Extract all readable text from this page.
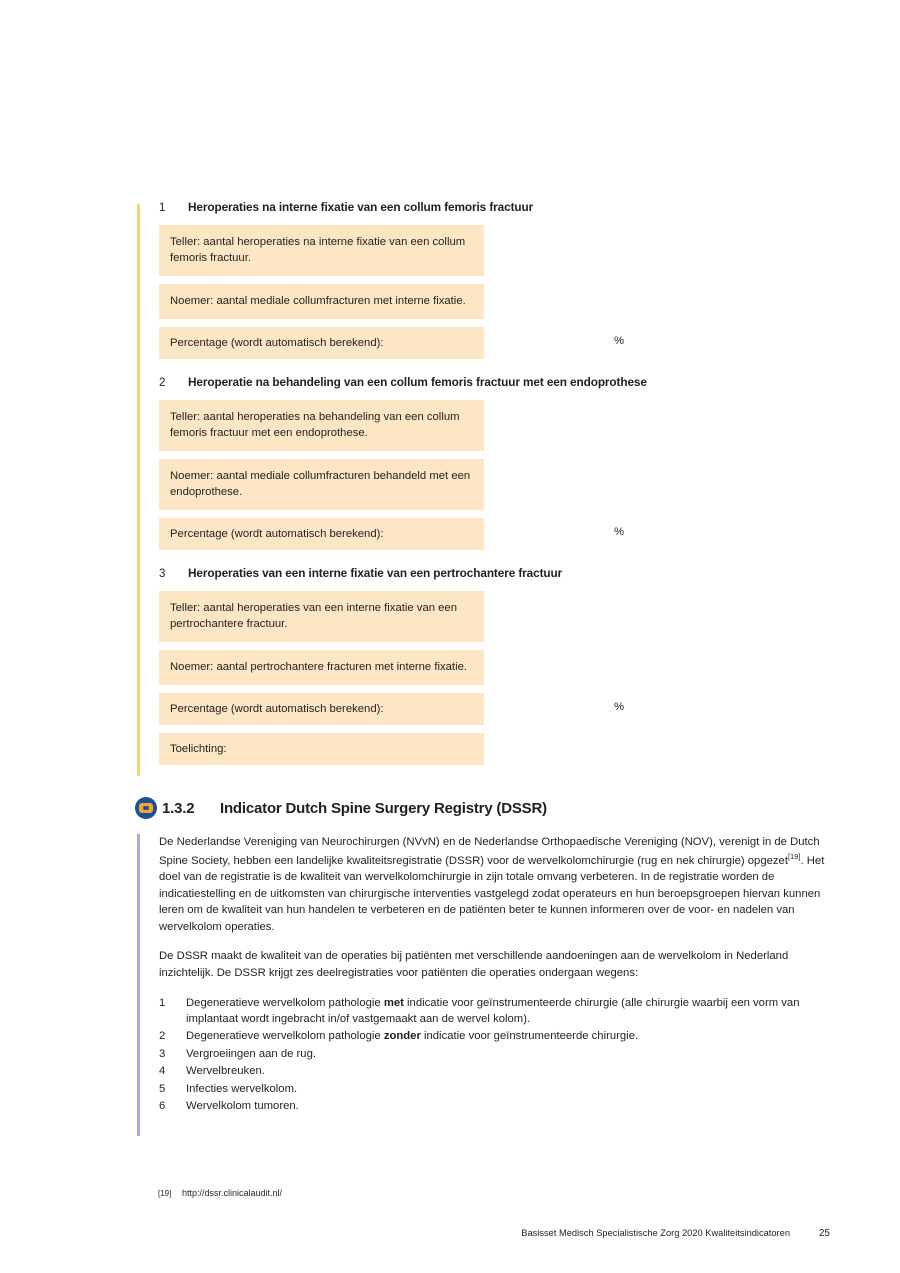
1	Heroperaties na interne fixatie van een collum femoris fractuur
Teller: aantal heroperaties na interne fixatie van een collum femoris fractuur.
Noemer: aantal mediale collumfracturen met interne fixatie.
Percentage (wordt automatisch berekend):	%
2	Heroperatie na behandeling van een collum femoris fractuur met een endoprothese
Teller: aantal heroperaties na behandeling van een collum femoris fractuur met een endoprothese.
Noemer: aantal mediale collumfracturen behandeld met een endoprothese.
Percentage (wordt automatisch berekend):	%
3	Heroperaties van een interne fixatie van een pertrochantere fractuur
Teller: aantal heroperaties van een interne fixatie van een pertrochantere fractuur.
Noemer: aantal pertrochantere fracturen met interne fixatie.
Percentage (wordt automatisch berekend):	%
Toelichting:
1.3.2	Indicator Dutch Spine Surgery Registry (DSSR)

De Nederlandse Vereniging van Neurochirurgen (NVvN) en de Nederlandse Orthopaedische Vereniging (NOV), verenigt in de Dutch Spine Society, hebben een landelijke kwaliteitsregistratie (DSSR) voor de wervelkolomchirurgie (rug en nek chirurgie) opgezet[19]. Het doel van de registratie is de kwaliteit van wervelkolomchirurgie in zijn totale omvang verbeteren. In de registratie worden de indicatiestelling en de uitkomsten van chirurgische interventies vastgelegd zodat operateurs en hun beroepsgroepen hiervan kunnen leren om de kwaliteit van hun handelen te verbeteren en de patiënten beter te kunnen informeren over de voor- en nadelen van wervelkolom operaties.

De DSSR maakt de kwaliteit van de operaties bij patiënten met verschillende aandoeningen aan de wervelkolom in Nederland inzichtelijk. De DSSR krijgt zes deelregistraties voor patiënten die operaties ondergaan wegens:

1	Degeneratieve wervelkolom pathologie met indicatie voor geïnstrumenteerde chirurgie (alle chirurgie waarbij een vorm van implantaat wordt ingebracht in/of vastgemaakt aan de wervel kolom).
2	Degeneratieve wervelkolom pathologie zonder indicatie voor geïnstrumenteerde chirurgie.
3	Vergroeiingen aan de rug.
4	Wervelbreuken.
5	Infecties wervelkolom.
6	Wervelkolom tumoren.
[19]	http://dssr.clinicalaudit.nl/
Basisset Medisch Specialistische Zorg 2020 Kwaliteitsindicatoren	25
